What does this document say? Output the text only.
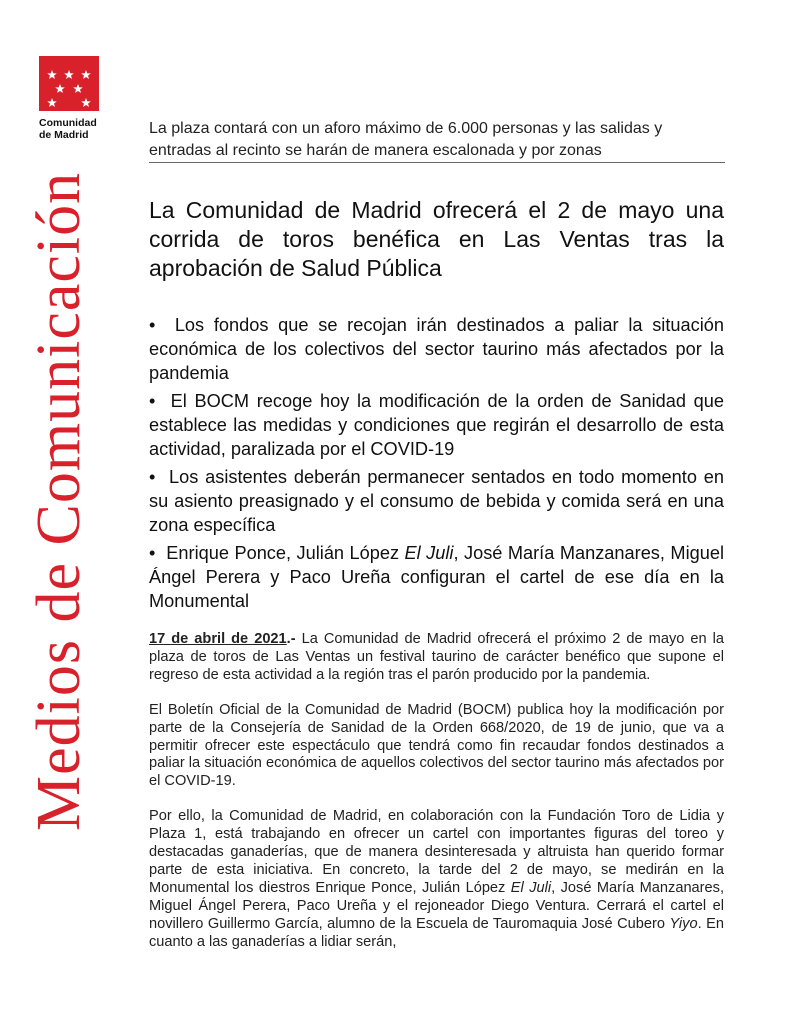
Comunidad
de Madrid
Medios de Comunicación
La plaza contará con un aforo máximo de 6.000 personas y las salidas y entradas al recinto se harán de manera escalonada y por zonas
La Comunidad de Madrid ofrecerá el 2 de mayo una corrida de toros benéfica en Las Ventas tras la aprobación de Salud Pública

•  Los fondos que se recojan irán destinados a paliar la situación económica de los colectivos del sector taurino más afectados por la pandemia

•  El BOCM recoge hoy la modificación de la orden de Sanidad que establece las medidas y condiciones que regirán el desarrollo de esta actividad, paralizada por el COVID-19

•  Los asistentes deberán permanecer sentados en todo momento en su asiento preasignado y el consumo de bebida y comida será en una zona específica

•  Enrique Ponce, Julián López El Juli, José María Manzanares, Miguel Ángel Perera y Paco Ureña configuran el cartel de ese día en la Monumental

17 de abril de 2021.- La Comunidad de Madrid ofrecerá el próximo 2 de mayo en la plaza de toros de Las Ventas un festival taurino de carácter benéfico que supone el regreso de esta actividad a la región tras el parón producido por la pandemia.

El Boletín Oficial de la Comunidad de Madrid (BOCM) publica hoy la modificación por parte de la Consejería de Sanidad de la Orden 668/2020, de 19 de junio, que va a permitir ofrecer este espectáculo que tendrá como fin recaudar fondos destinados a paliar la situación económica de aquellos colectivos del sector taurino más afectados por el COVID-19.

Por ello, la Comunidad de Madrid, en colaboración con la Fundación Toro de Lidia y Plaza 1, está trabajando en ofrecer un cartel con importantes figuras del toreo y destacadas ganaderías, que de manera desinteresada y altruista han querido formar parte de esta iniciativa. En concreto, la tarde del 2 de mayo, se medirán en la Monumental los diestros Enrique Ponce, Julián López El Juli, José María Manzanares, Miguel Ángel Perera, Paco Ureña y el rejoneador Diego Ventura. Cerrará el cartel el novillero Guillermo García, alumno de la Escuela de Tauromaquia José Cubero Yiyo. En cuanto a las ganaderías a lidiar serán,
